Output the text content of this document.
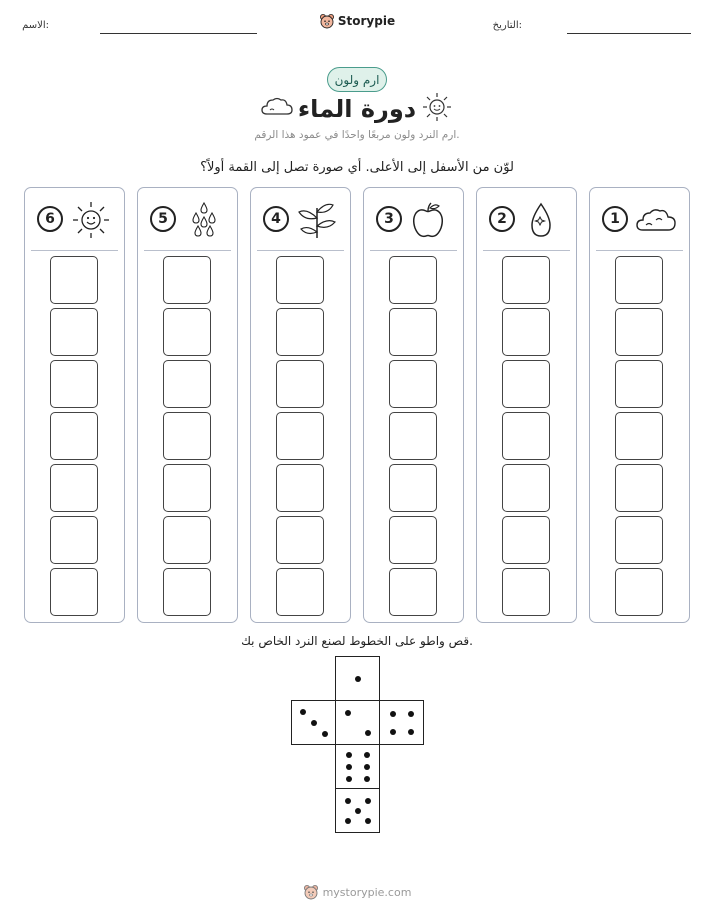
الاسم:	التاريخ:
Storypie
ارم ولون
دورة الماء
ارم النرد ولون مربعًا واحدًا في عمود هذا الرقم.
لوّن من الأسفل إلى الأعلى. أي صورة تصل إلى القمة أولاً؟
1
2
3
4
5
6
قص واطو على الخطوط لصنع النرد الخاص بك.
mystorypie.com
